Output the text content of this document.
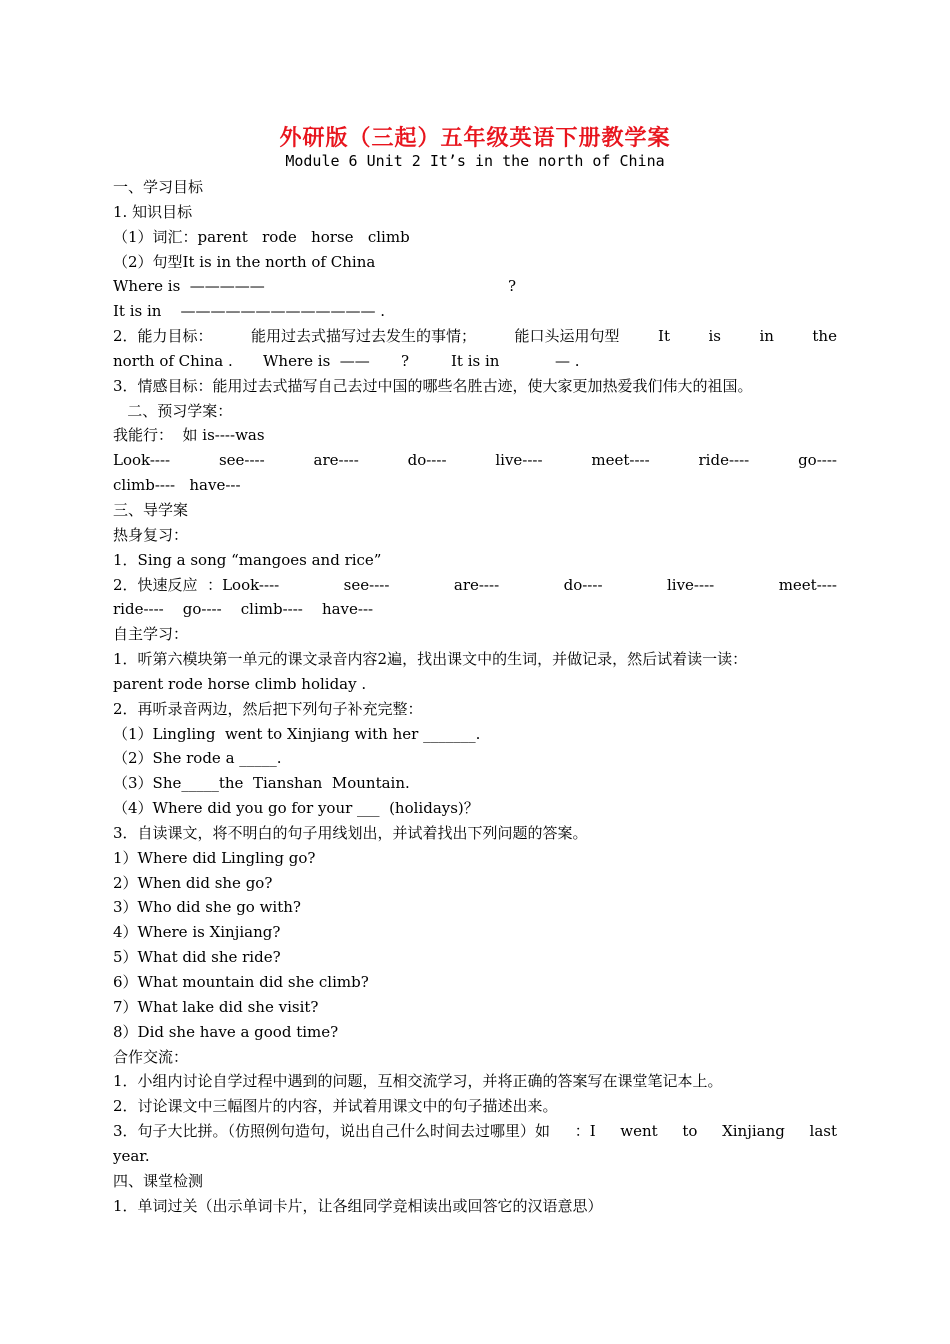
外研版（三起）五年级英语下册教学案
Module 6 Unit 2 It’s in the north of China
一、学习目标
1. 知识目标
（1）词汇：parent   rode   horse   climb
（2）句型It is in the north of China
Where is  —————	?
It is in    ————————————— .
2．能力目标：	能用过去式描写过去发生的事情；	能口头运用句型	It	is	in	the
north of China . Where is  —— ?	It is in	— .
3．情感目标：能用过去式描写自己去过中国的哪些名胜古迹，使大家更加热爱我们伟大的祖国。
二、预习学案：
我能行：  如 is----was
Look----	see----	are----	do----	live----	meet----	ride----	go----
climb----   have---
三、导学案
热身复习：
1．Sing a song “mangoes and rice”
2．快速反应  ：Look----	see----	are----	do----	live----	meet----
ride----    go----    climb----    have---
自主学习：
1．听第六模块第一单元的课文录音内容2遍，找出课文中的生词，并做记录，然后试着读一读：
parent rode horse climb holiday .
2．再听录音两边，然后把下列句子补充完整：
（1）Lingling  went to Xinjiang with her _______.
（2）She rode a _____.
（3）She_____the  Tianshan  Mountain.
（4）Where did you go for your ___  (holidays)？
3．自读课文，将不明白的句子用线划出，并试着找出下列问题的答案。
1）Where did Lingling go?
2）When did she go?
3）Who did she go with?
4）Where is Xinjiang?
5）What did she ride?
6）What mountain did she climb?
7）What lake did she visit?
8）Did she have a good time?
合作交流：
1．小组内讨论自学过程中遇到的问题，互相交流学习，并将正确的答案写在课堂笔记本上。
2．讨论课文中三幅图片的内容，并试着用课文中的句子描述出来。
3．句子大比拼。（仿照例句造句，说出自己什么时间去过哪里）如 ：I went to Xinjiang last
year.
四、课堂检测
1．单词过关（出示单词卡片，让各组同学竞相读出或回答它的汉语意思）
